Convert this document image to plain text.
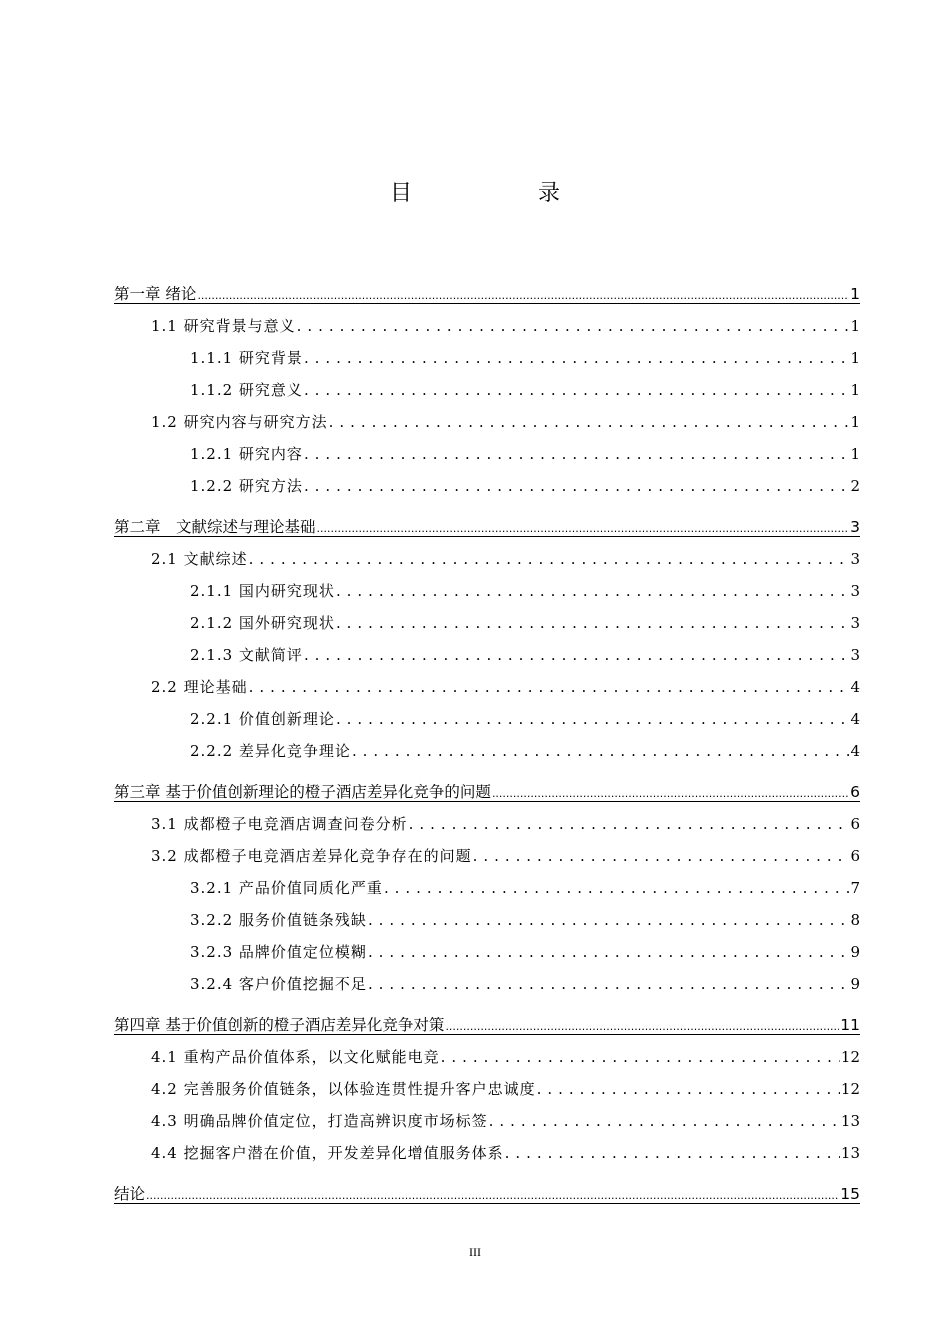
目　录
第一章 绪论 .....	1
1.1 研究背景与意义 . . .	1
1.1.1 研究背景 . . .	1
1.1.2 研究意义 . . .	1
1.2 研究内容与研究方法 . . .	1
1.2.1 研究内容 . . .	1
1.2.2 研究方法 . . .	2
第二章　文献综述与理论基础 .....	3
2.1 文献综述 . . .	3
2.1.1 国内研究现状 . . .	3
2.1.2 国外研究现状 . . .	3
2.1.3 文献简评 . . .	3
2.2 理论基础 . . .	4
2.2.1 价值创新理论 . . .	4
2.2.2 差异化竞争理论 . . .	4
第三章 基于价值创新理论的橙子酒店差异化竞争的问题 .....	6
3.1 成都橙子电竞酒店调查问卷分析 . . .	6
3.2 成都橙子电竞酒店差异化竞争存在的问题 . . .	6
3.2.1 产品价值同质化严重 . . .	7
3.2.2 服务价值链条残缺 . . .	8
3.2.3 品牌价值定位模糊 . . .	9
3.2.4 客户价值挖掘不足 . . .	9
第四章 基于价值创新的橙子酒店差异化竞争对策 .....	11
4.1 重构产品价值体系，以文化赋能电竞 . . .	12
4.2 完善服务价值链条，以体验连贯性提升客户忠诚度 . . .	12
4.3 明确品牌价值定位，打造高辨识度市场标签 . . .	13
4.4 挖掘客户潜在价值，开发差异化增值服务体系 . . .	13
结论 .....	15
III
